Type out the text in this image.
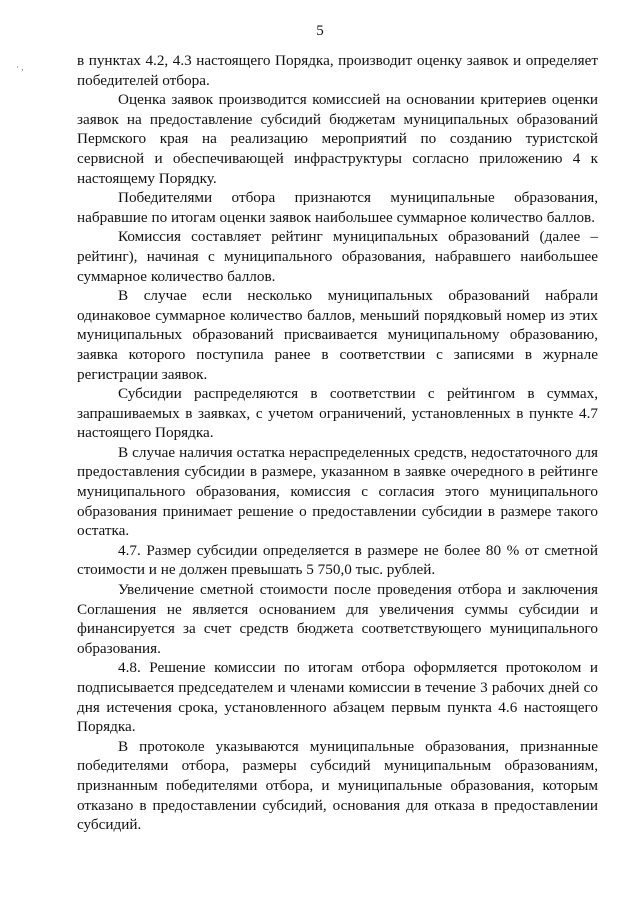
· ,
5

в пунктах 4.2, 4.3 настоящего Порядка, производит оценку заявок и определяет победителей отбора.

Оценка заявок производится комиссией на основании критериев оценки заявок на предоставление субсидий бюджетам муниципальных образований Пермского края на реализацию мероприятий по созданию туристской сервисной и обеспечивающей инфраструктуры согласно приложению 4 к настоящему Порядку.

Победителями отбора признаются муниципальные образования, набравшие по итогам оценки заявок наибольшее суммарное количество баллов.

Комиссия составляет рейтинг муниципальных образований (далее – рейтинг), начиная с муниципального образования, набравшего наибольшее суммарное количество баллов.

В случае если несколько муниципальных образований набрали одинаковое суммарное количество баллов, меньший порядковый номер из этих муниципальных образований присваивается муниципальному образованию, заявка которого поступила ранее в соответствии с записями в журнале регистрации заявок.

Субсидии распределяются в соответствии с рейтингом в суммах, запрашиваемых в заявках, с учетом ограничений, установленных в пункте 4.7 настоящего Порядка.

В случае наличия остатка нераспределенных средств, недостаточного для предоставления субсидии в размере, указанном в заявке очередного в рейтинге муниципального образования, комиссия с согласия этого муниципального образования принимает решение о предоставлении субсидии в размере такого остатка.

4.7. Размер субсидии определяется в размере не более 80 % от сметной стоимости и не должен превышать 5 750,0 тыс. рублей.

Увеличение сметной стоимости после проведения отбора и заключения Соглашения не является основанием для увеличения суммы субсидии и финансируется за счет средств бюджета соответствующего муниципального образования.

4.8. Решение комиссии по итогам отбора оформляется протоколом и подписывается председателем и членами комиссии в течение 3 рабочих дней со дня истечения срока, установленного абзацем первым пункта 4.6 настоящего Порядка.

В протоколе указываются муниципальные образования, признанные победителями отбора, размеры субсидий муниципальным образованиям, признанным победителями отбора, и муниципальные образования, которым отказано в предоставлении субсидий, основания для отказа в предоставлении субсидий.
